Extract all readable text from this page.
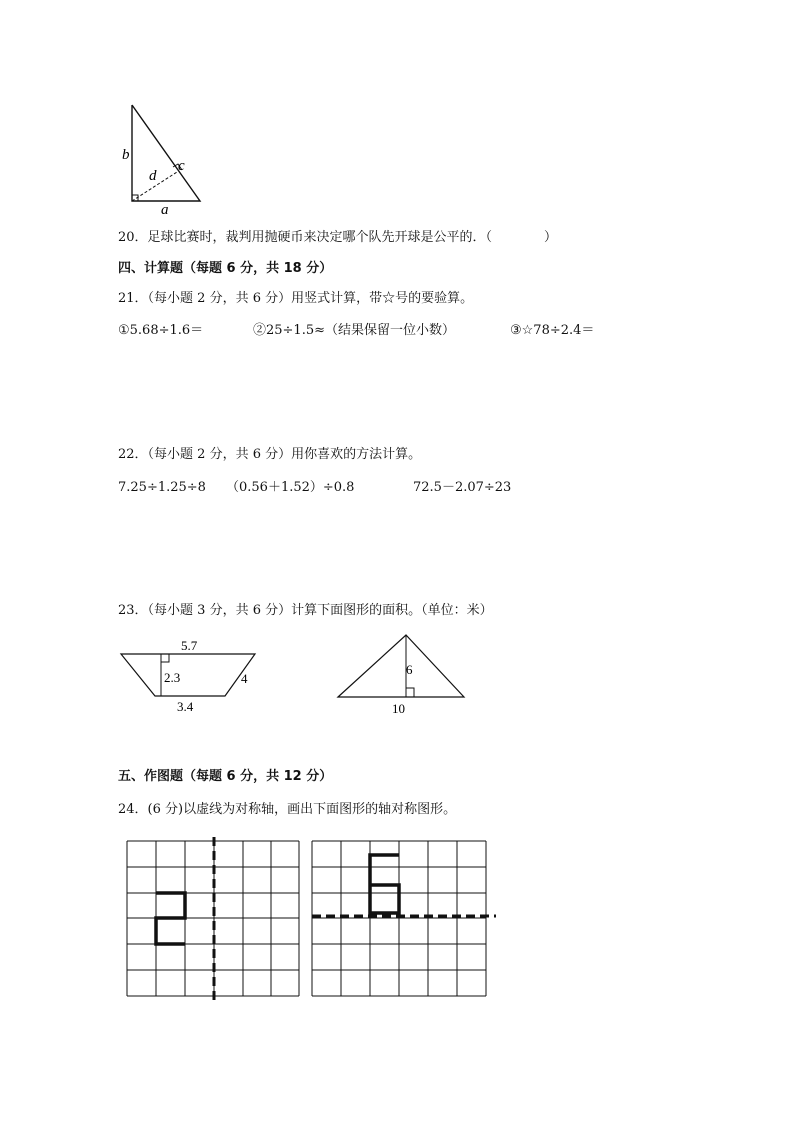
b
c
d
a
20．足球比赛时，裁判用抛硬币来决定哪个队先开球是公平的．（　　　　）
四、计算题（每题 6 分，共 18 分）
21．（每小题 2 分，共 6 分）用竖式计算，带☆号的要验算。
①5.68÷1.6＝	②25÷1.5≈（结果保留一位小数）	③☆78÷2.4＝
22．（每小题 2 分，共 6 分）用你喜欢的方法计算。
7.25÷1.25÷8 （0.56＋1.52）÷0.8	72.5－2.07÷23
23．（每小题 3 分，共 6 分）计算下面图形的面积。（单位：米）
5.7
2.3	4
3.4
6
10
五、作图题（每题 6 分，共 12 分）
24．(6 分)以虚线为对称轴，画出下面图形的轴对称图形。
